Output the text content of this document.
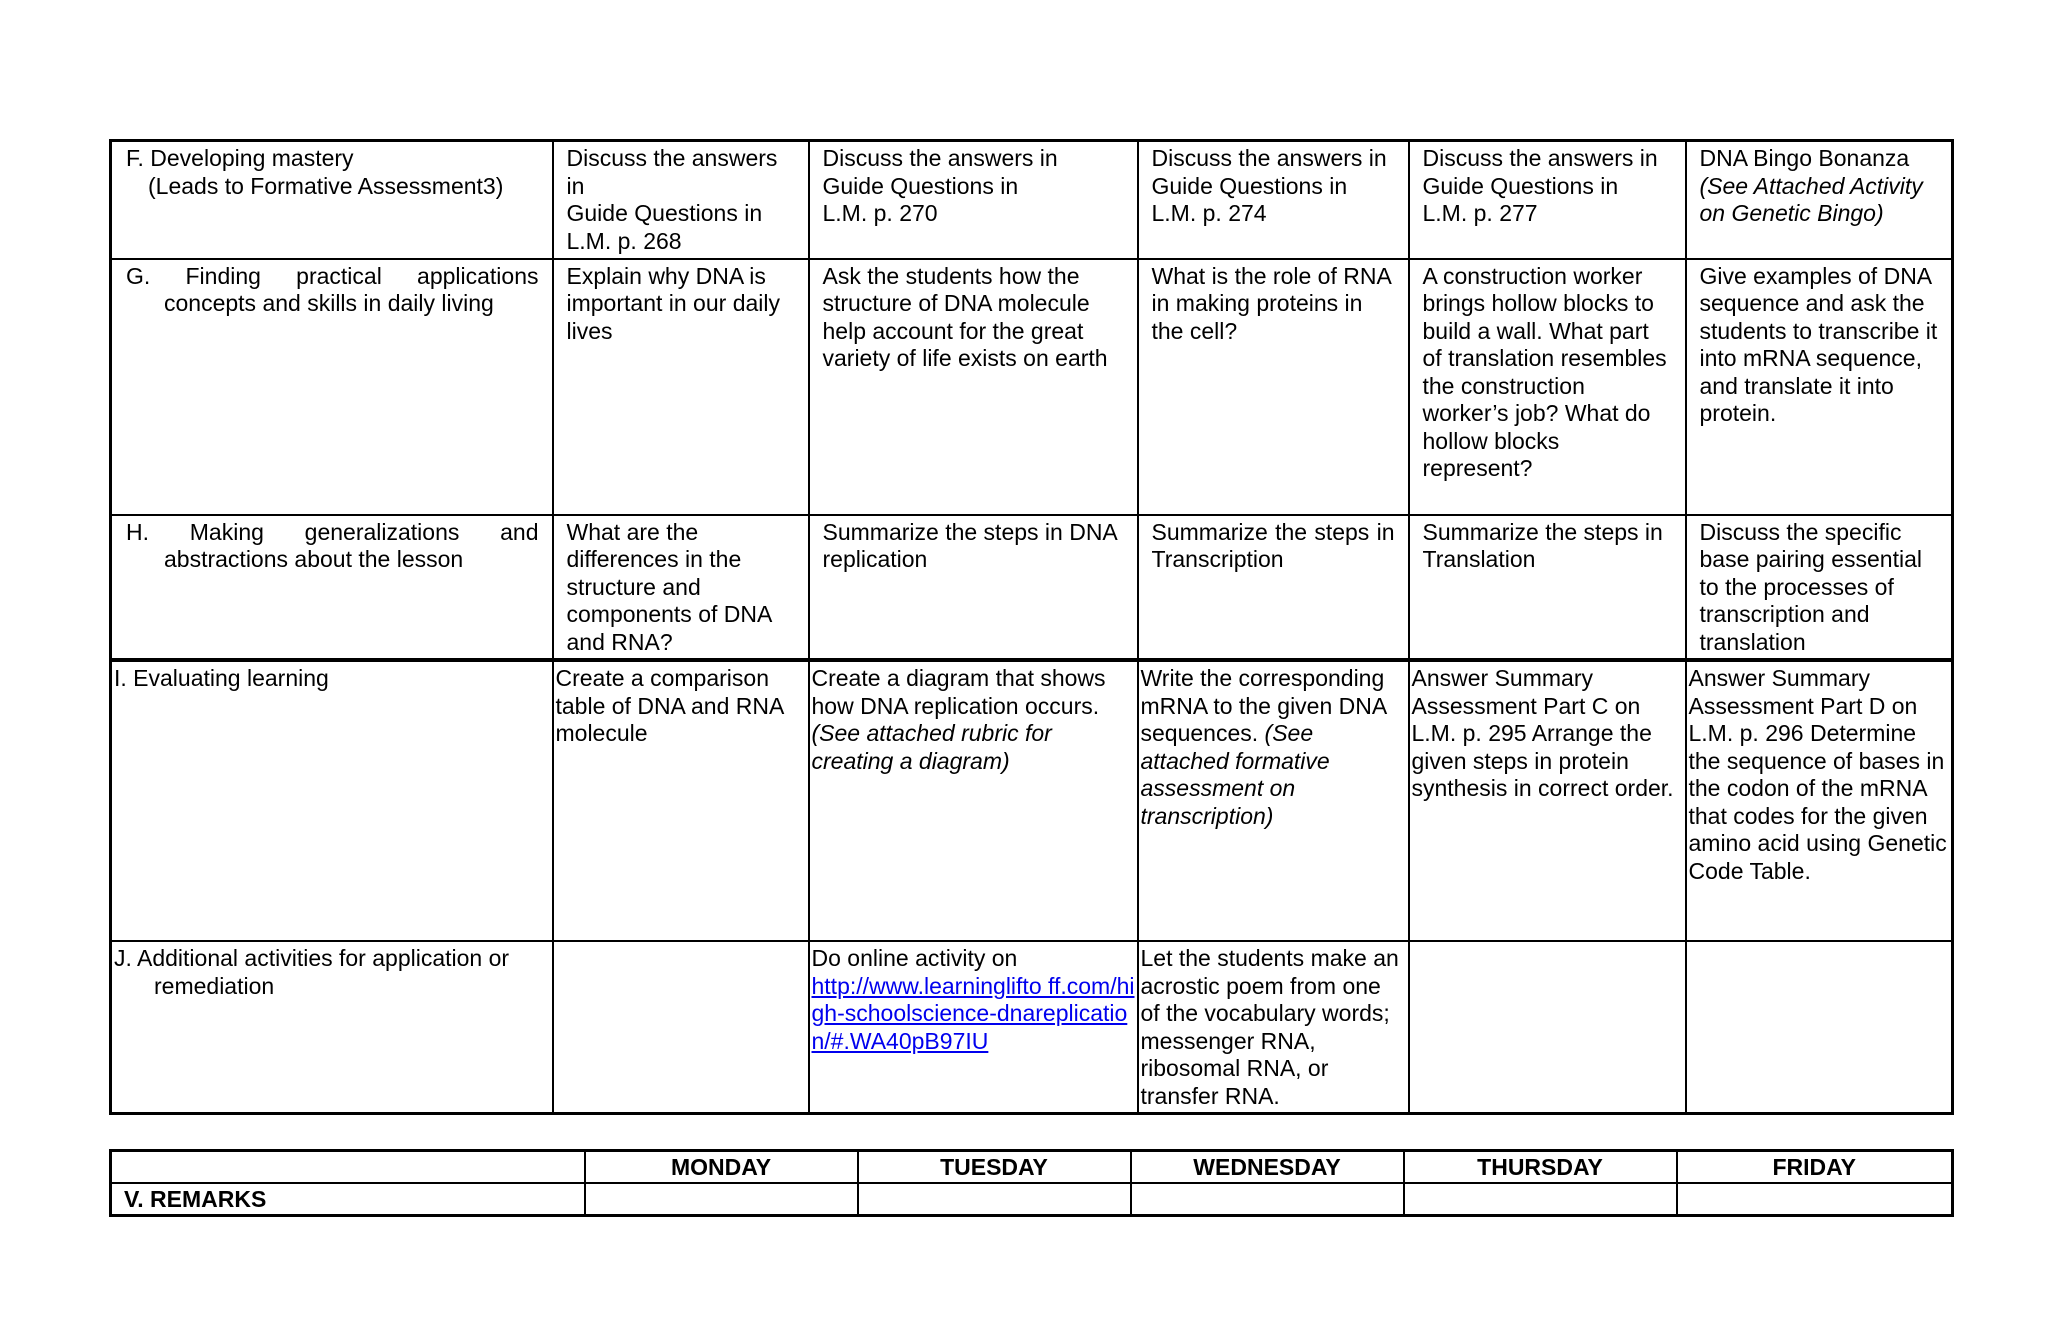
F. Developing mastery
(Leads to Formative Assessment3)	Discuss the answers in
Guide Questions in
L.M. p. 268	Discuss the answers in
Guide Questions in
L.M. p. 270	Discuss the answers in
Guide Questions in
L.M. p. 274	Discuss the answers in
Guide Questions in
L.M. p. 277	DNA Bingo Bonanza (See Attached Activity on Genetic Bingo)

G. Finding practical applications
concepts and skills in daily living	Explain why DNA is important in our daily lives	Ask the students how the structure of DNA molecule help account for the great variety of life exists on earth	What is the role of RNA in making proteins in the cell?	A construction worker brings hollow blocks to build a wall. What part of translation resembles the construction worker’s job? What do hollow blocks represent?	Give examples of DNA sequence and ask the students to transcribe it into mRNA sequence, and translate it into protein.

H. Making generalizations and
abstractions about the lesson	What are the differences in the structure and components of DNA and RNA?	Summarize the steps in DNA replication	Summarize the steps in Transcription	Summarize the steps in Translation	Discuss the specific base pairing essential to the processes of transcription and translation
I. Evaluating learning	Create a comparison table of DNA and RNA molecule	Create a diagram that shows how DNA replication occurs. (See attached rubric for creating a diagram)	Write the corresponding mRNA to the given DNA sequences. (See attached formative assessment on transcription)	Answer Summary Assessment Part C on L.M. p. 295 Arrange the given steps in protein synthesis in correct order.	Answer Summary Assessment Part D on L.M. p. 296 Determine the sequence of bases in the codon of the mRNA that codes for the given amino acid using Genetic Code Table.

J. Additional activities for application or
remediation		Do online activity on
http://www.learninglifto ff.com/high-schoolscience-dnareplication/#.WA40pB97IU	Let the students make an acrostic poem from one of the vocabulary words; messenger RNA, ribosomal RNA, or transfer RNA.		
	MONDAY	TUESDAY	WEDNESDAY	THURSDAY	FRIDAY
V. REMARKS					
